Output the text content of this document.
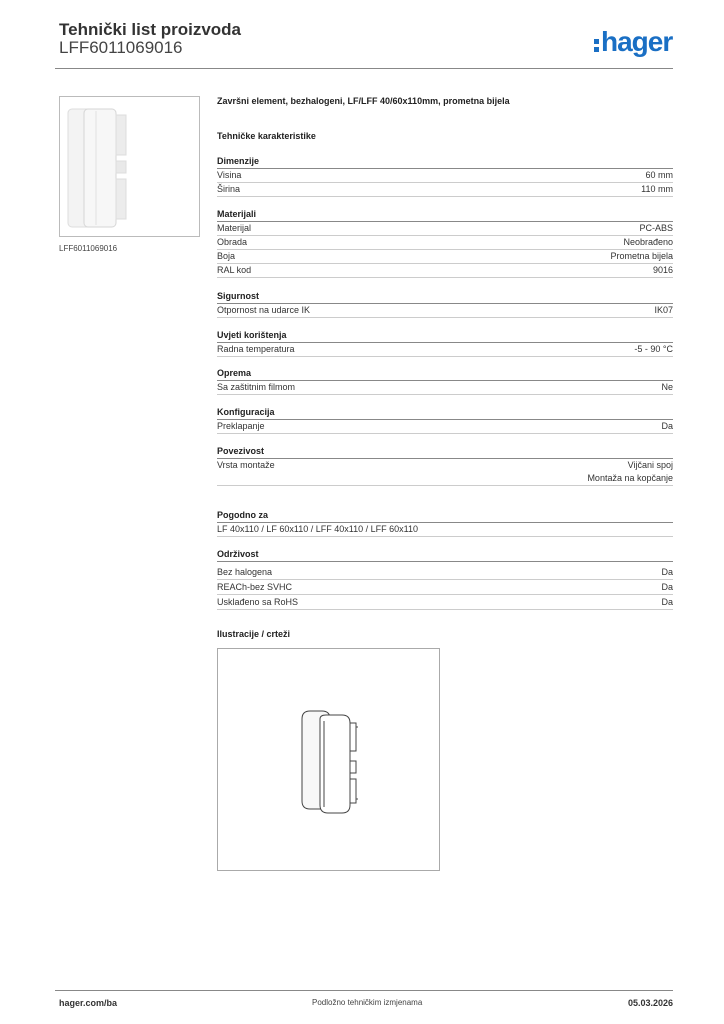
Tehnički list proizvoda
LFF6011069016	hager
LFF6011069016
Završni element, bezhalogeni, LF/LFF 40/60x110mm, prometna bijela
Tehničke karakteristike
Dimenzije
Visina	60 mm
Širina	110 mm
Materijali
Materijal	PC-ABS
Obrada	Neobrađeno
Boja	Prometna bijela
RAL kod	9016
Sigurnost
Otpornost na udarce IK	IK07
Uvjeti korištenja
Radna temperatura	-5 - 90 °C
Oprema
Sa zaštitnim filmom	Ne
Konfiguracija
Preklapanje	Da
Povezivost
Vrsta montaže	Vijčani spoj
Montaža na kopčanje
Pogodno za
LF 40x110 / LF 60x110 / LFF 40x110 / LFF 60x110
Održivost
Bez halogena	Da
REACh-bez SVHC	Da
Usklađeno sa RoHS	Da
Ilustracije / crteži
hager.com/ba	Podložno tehničkim izmjenama	05.03.2026
